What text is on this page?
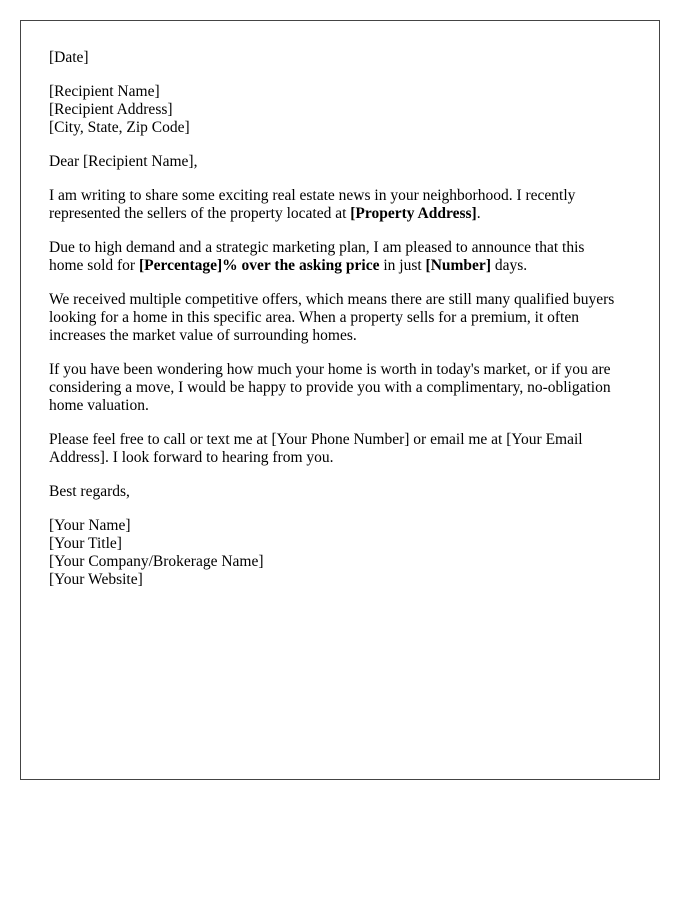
[Date]
[Recipient Name]
[Recipient Address]
[City, State, Zip Code]
Dear [Recipient Name],
I am writing to share some exciting real estate news in your neighborhood. I recently
represented the sellers of the property located at [Property Address].
Due to high demand and a strategic marketing plan, I am pleased to announce that this
home sold for [Percentage]% over the asking price in just [Number] days.
We received multiple competitive offers, which means there are still many qualified buyers
looking for a home in this specific area. When a property sells for a premium, it often
increases the market value of surrounding homes.
If you have been wondering how much your home is worth in today's market, or if you are
considering a move, I would be happy to provide you with a complimentary, no-obligation
home valuation.
Please feel free to call or text me at [Your Phone Number] or email me at [Your Email
Address]. I look forward to hearing from you.
Best regards,
[Your Name]
[Your Title]
[Your Company/Brokerage Name]
[Your Website]
